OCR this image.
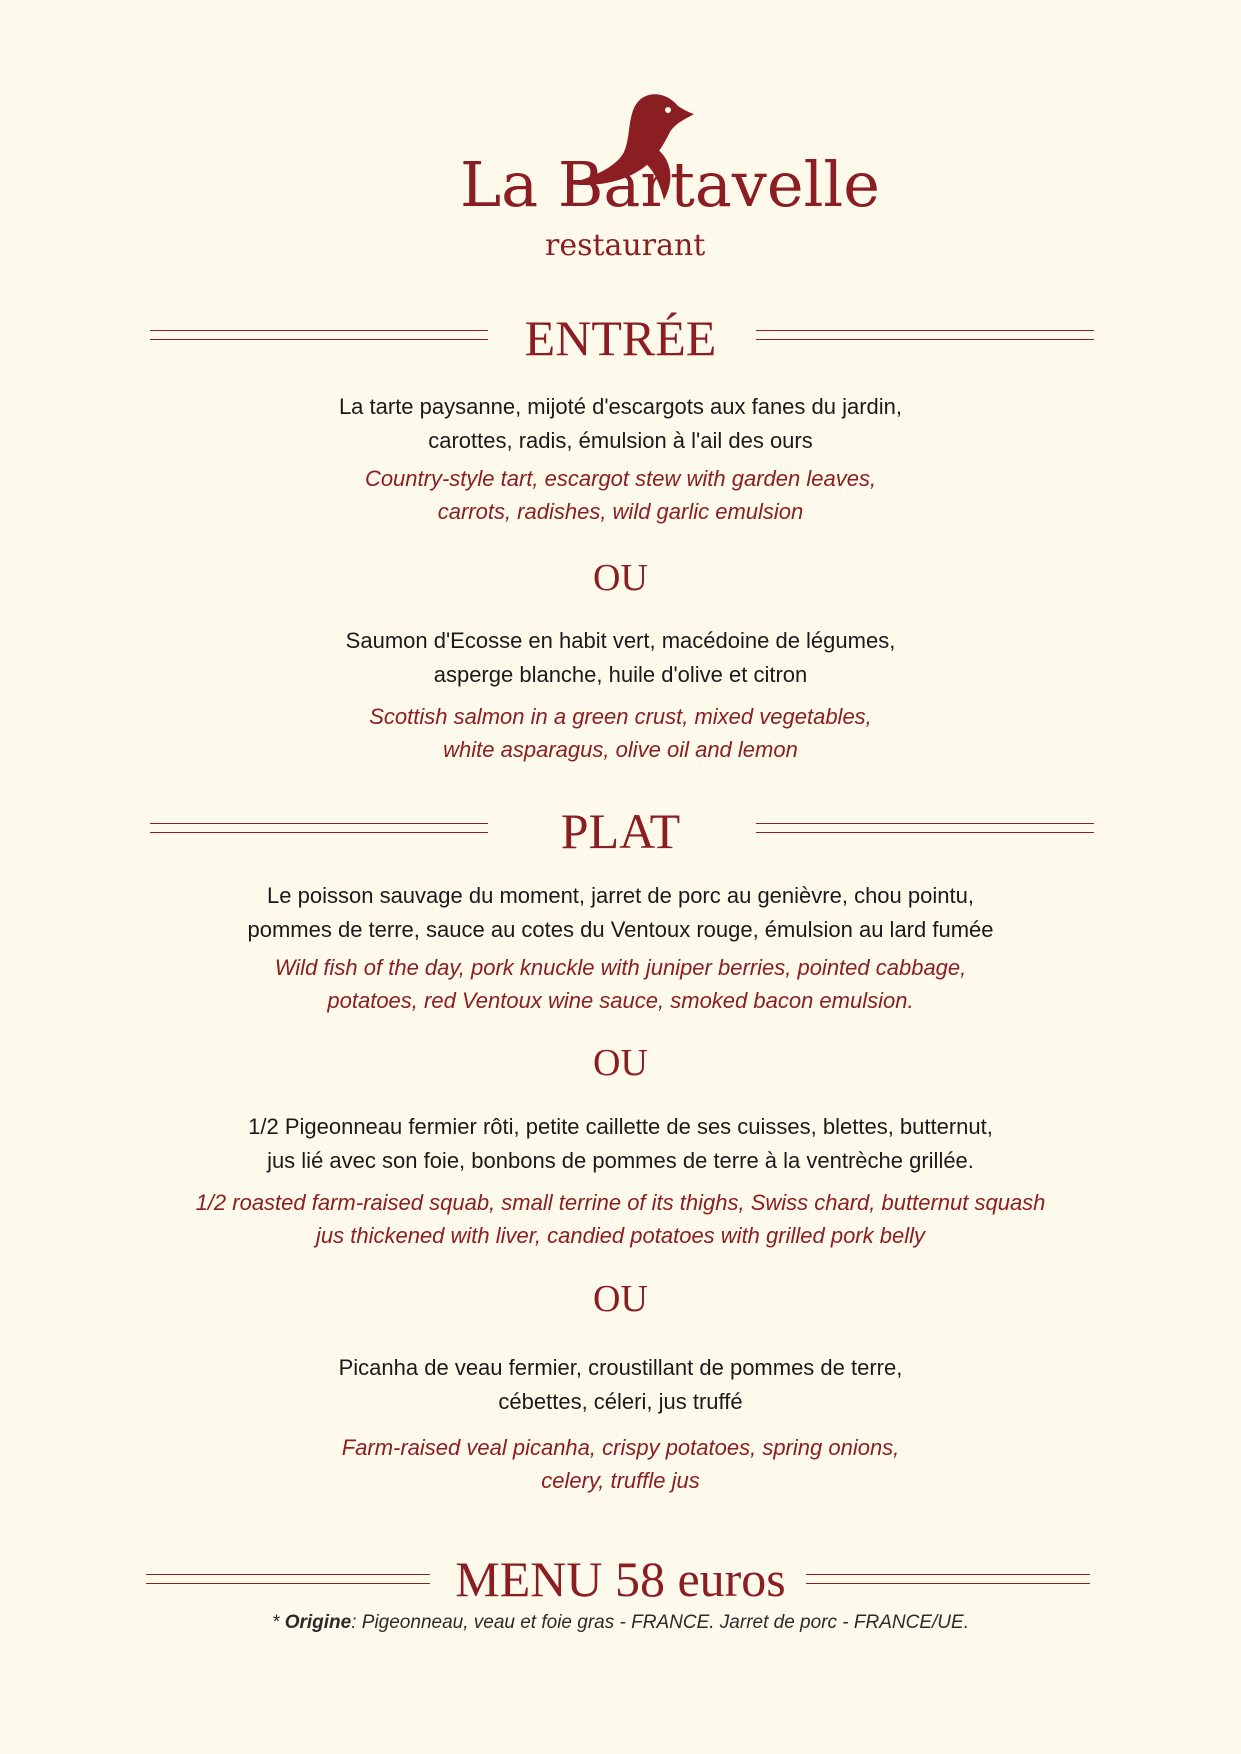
La Bartavelle

restaurant

ENTRÉE

La tarte paysanne, mijoté d'escargots aux fanes du jardin,
carottes, radis, émulsion à l'ail des ours

Country-style tart, escargot stew with garden leaves,
carrots, radishes, wild garlic emulsion

OU

Saumon d'Ecosse en habit vert, macédoine de légumes,
asperge blanche, huile d'olive et citron

Scottish salmon in a green crust, mixed vegetables,
white asparagus, olive oil and lemon

PLAT

Le poisson sauvage du moment, jarret de porc au genièvre, chou pointu,
pommes de terre, sauce au cotes du Ventoux rouge, émulsion au lard fumée

Wild fish of the day, pork knuckle with juniper berries, pointed cabbage,
potatoes, red Ventoux wine sauce, smoked bacon emulsion.

OU

1/2 Pigeonneau fermier rôti, petite caillette de ses cuisses, blettes, butternut,
jus lié avec son foie, bonbons de pommes de terre à la ventrèche grillée.

1/2 roasted farm-raised squab, small terrine of its thighs, Swiss chard, butternut squash
jus thickened with liver, candied potatoes with grilled pork belly

OU

Picanha de veau fermier, croustillant de pommes de terre,
cébettes, céleri, jus truffé

Farm-raised veal picanha, crispy potatoes, spring onions,
celery, truffle jus

MENU 58 euros
* Origine: Pigeonneau, veau et foie gras - FRANCE. Jarret de porc - FRANCE/UE.
